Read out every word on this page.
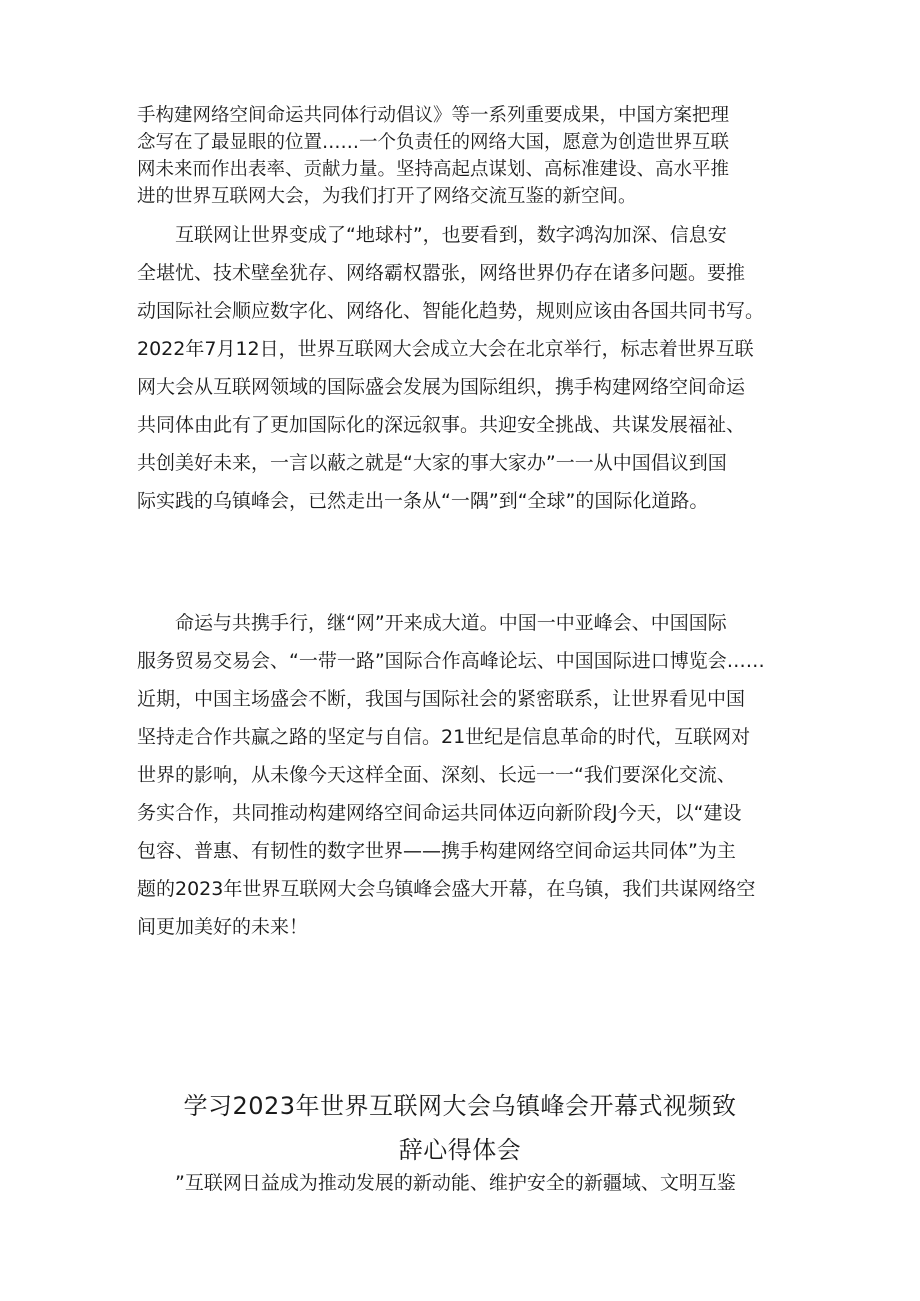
手构建网络空间命运共同体行动倡议》等一系列重要成果，中国方案把理
念写在了最显眼的位置……一个负责任的网络大国，愿意为创造世界互联
网未来而作出表率、贡献力量。坚持高起点谋划、高标准建设、高水平推
进的世界互联网大会，为我们打开了网络交流互鉴的新空间。
互联网让世界变成了“地球村”，也要看到，数字鸿沟加深、信息安
全堪忧、技术壁垒犹存、网络霸权嚣张，网络世界仍存在诸多问题。要推
动国际社会顺应数字化、网络化、智能化趋势，规则应该由各国共同书写。
2022年7月12日，世界互联网大会成立大会在北京举行，标志着世界互联
网大会从互联网领域的国际盛会发展为国际组织，携手构建网络空间命运
共同体由此有了更加国际化的深远叙事。共迎安全挑战、共谋发展福祉、
共创美好未来，一言以蔽之就是“大家的事大家办”一一从中国倡议到国
际实践的乌镇峰会，已然走出一条从“一隅”到“全球”的国际化道路。
命运与共携手行，继“网”开来成大道。中国一中亚峰会、中国国际
服务贸易交易会、“一带一路”国际合作高峰论坛、中国国际进口博览会……
近期，中国主场盛会不断，我国与国际社会的紧密联系，让世界看见中国
坚持走合作共赢之路的坚定与自信。21世纪是信息革命的时代，互联网对
世界的影响，从未像今天这样全面、深刻、长远一一“我们要深化交流、
务实合作，共同推动构建网络空间命运共同体迈向新阶段J今天，以“建设
包容、普惠、有韧性的数字世界——携手构建网络空间命运共同体”为主
题的2023年世界互联网大会乌镇峰会盛大开幕，在乌镇，我们共谋网络空
间更加美好的未来！
学习2023年世界互联网大会乌镇峰会开幕式视频致
辞心得体会
”互联网日益成为推动发展的新动能、维护安全的新疆域、文明互鉴
